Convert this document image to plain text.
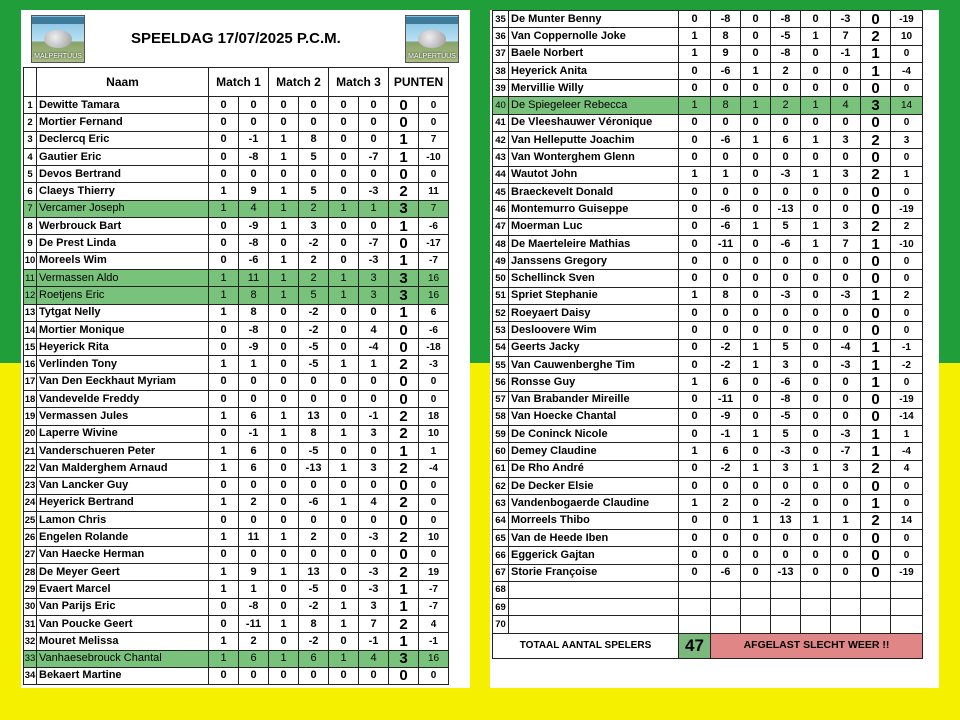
MALPERTUUS
SPEELDAG 17/07/2025 P.C.M.
MALPERTUUS
	Naam	Match 1		Match 2		Match 3		PUNTEN	
1	Dewitte Tamara	0	0	0	0	0	0	0	0
2	Mortier Fernand	0	0	0	0	0	0	0	0
3	Declercq Eric	0	-1	1	8	0	0	1	7
4	Gautier Eric	0	-8	1	5	0	-7	1	-10
5	Devos Bertrand	0	0	0	0	0	0	0	0
6	Claeys Thierry	1	9	1	5	0	-3	2	11
7	Vercamer Joseph	1	4	1	2	1	1	3	7
8	Werbrouck Bart	0	-9	1	3	0	0	1	-6
9	De Prest Linda	0	-8	0	-2	0	-7	0	-17
10	Moreels Wim	0	-6	1	2	0	-3	1	-7
11	Vermassen Aldo	1	11	1	2	1	3	3	16
12	Roetjens Eric	1	8	1	5	1	3	3	16
13	Tytgat Nelly	1	8	0	-2	0	0	1	6
14	Mortier Monique	0	-8	0	-2	0	4	0	-6
15	Heyerick Rita	0	-9	0	-5	0	-4	0	-18
16	Verlinden Tony	1	1	0	-5	1	1	2	-3
17	Van Den Eeckhaut Myriam	0	0	0	0	0	0	0	0
18	Vandevelde Freddy	0	0	0	0	0	0	0	0
19	Vermassen Jules	1	6	1	13	0	-1	2	18
20	Laperre Wivine	0	-1	1	8	1	3	2	10
21	Vanderschueren Peter	1	6	0	-5	0	0	1	1
22	Van Malderghem Arnaud	1	6	0	-13	1	3	2	-4
23	Van Lancker Guy	0	0	0	0	0	0	0	0
24	Heyerick Bertrand	1	2	0	-6	1	4	2	0
25	Lamon Chris	0	0	0	0	0	0	0	0
26	Engelen Rolande	1	11	1	2	0	-3	2	10
27	Van Haecke Herman	0	0	0	0	0	0	0	0
28	De Meyer Geert	1	9	1	13	0	-3	2	19
29	Evaert Marcel	1	1	0	-5	0	-3	1	-7
30	Van Parijs Eric	0	-8	0	-2	1	3	1	-7
31	Van Poucke Geert	0	-11	1	8	1	7	2	4
32	Mouret Melissa	1	2	0	-2	0	-1	1	-1
33	Vanhaesebrouck Chantal	1	6	1	6	1	4	3	16
34	Bekaert Martine	0	0	0	0	0	0	0	0
35	De Munter Benny	0	-8	0	-8	0	-3	0	-19
36	Van Coppernolle Joke	1	8	0	-5	1	7	2	10
37	Baele Norbert	1	9	0	-8	0	-1	1	0
38	Heyerick Anita	0	-6	1	2	0	0	1	-4
39	Mervillie Willy	0	0	0	0	0	0	0	0
40	De Spiegeleer Rebecca	1	8	1	2	1	4	3	14
41	De Vleeshauwer Véronique	0	0	0	0	0	0	0	0
42	Van Helleputte Joachim	0	-6	1	6	1	3	2	3
43	Van Wonterghem Glenn	0	0	0	0	0	0	0	0
44	Wautot John	1	1	0	-3	1	3	2	1
45	Braeckevelt Donald	0	0	0	0	0	0	0	0
46	Montemurro Guiseppe	0	-6	0	-13	0	0	0	-19
47	Moerman Luc	0	-6	1	5	1	3	2	2
48	De Maerteleire Mathias	0	-11	0	-6	1	7	1	-10
49	Janssens Gregory	0	0	0	0	0	0	0	0
50	Schellinck Sven	0	0	0	0	0	0	0	0
51	Spriet Stephanie	1	8	0	-3	0	-3	1	2
52	Roeyaert Daisy	0	0	0	0	0	0	0	0
53	Desloovere Wim	0	0	0	0	0	0	0	0
54	Geerts Jacky	0	-2	1	5	0	-4	1	-1
55	Van Cauwenberghe Tim	0	-2	1	3	0	-3	1	-2
56	Ronsse Guy	1	6	0	-6	0	0	1	0
57	Van Brabander Mireille	0	-11	0	-8	0	0	0	-19
58	Van Hoecke Chantal	0	-9	0	-5	0	0	0	-14
59	De Coninck Nicole	0	-1	1	5	0	-3	1	1
60	Demey Claudine	1	6	0	-3	0	-7	1	-4
61	De Rho André	0	-2	1	3	1	3	2	4
62	De Decker Elsie	0	0	0	0	0	0	0	0
63	Vandenbogaerde Claudine	1	2	0	-2	0	0	1	0
64	Morreels Thibo	0	0	1	13	1	1	2	14
65	Van de Heede Iben	0	0	0	0	0	0	0	0
66	Eggerick Gajtan	0	0	0	0	0	0	0	0
67	Storie Françoise	0	-6	0	-13	0	0	0	-19
68									
69									
70									
TOTAAL AANTAL SPELERS		47	AFGELAST SLECHT WEER !!						
